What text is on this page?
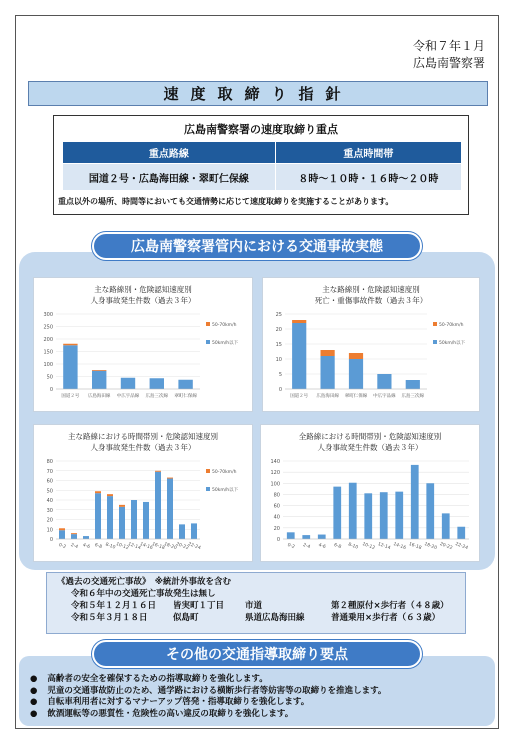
令和７年１月
広島南警察署
速度取締り指針
広島南警察署の速度取締り重点
重点路線	重点時間帯
国道２号・広島海田線・翠町仁保線	８時～１０時・１６時～２０時
重点以外の場所、時間等においても交通情勢に応じて速度取締りを実施することがあります。
広島南警察署管内における交通事故実態
主な路線別・危険認知速度別
人身事故発生件数（過去３年）
0
50
100
150
200
250
300
国道２号 広島海田線 中広宇品線 広島三次線 翠町仁保線
50-70km/h
50km/h以下
主な路線別・危険認知速度別
死亡・重傷事故件数（過去３年）
0
5
10
15
20
25
国道２号 広島海田線 翠町仁保線 中広宇品線 広島三次線
50-70km/h
50km/h以下
主な路線における時間帯別・危険認知速度別
人身事故発生件数（過去３年）
0
10
20
30
40
50
60
70
80
0-2 2-4 4-6 6-8 8-10 10-12
12-14
14-16
16-18
18-20
20-22
22-24
50-70km/h
50km/h以下
全路線における時間帯別・危険認知速度別
人身事故発生件数（過去３年）
0
20
40
60
80
100
120
140
0-2 2-4 4-6 6-8 8-10 10-12 12-14 14-16 16-18 18-20 20-22 22-24
《過去の交通死亡事故》　※統計外事故を含む
令和６年中の交通死亡事故発生は無し
令和５年１２月１６日	皆実町１丁目	市道	第２種原付×歩行者（４８歳）
令和５年３月１８日	似島町	県道広島海田線	普通乗用×歩行者（６３歳）
その他の交通指導取締り要点
● 高齢者の安全を確保するための指導取締りを強化します。
● 児童の交通事故防止のため、通学路における横断歩行者等妨害等の取締りを推進します。
● 自転車利用者に対するマナーアップ啓発・指導取締りを強化します。
● 飲酒運転等の悪質性・危険性の高い違反の取締りを強化します。
